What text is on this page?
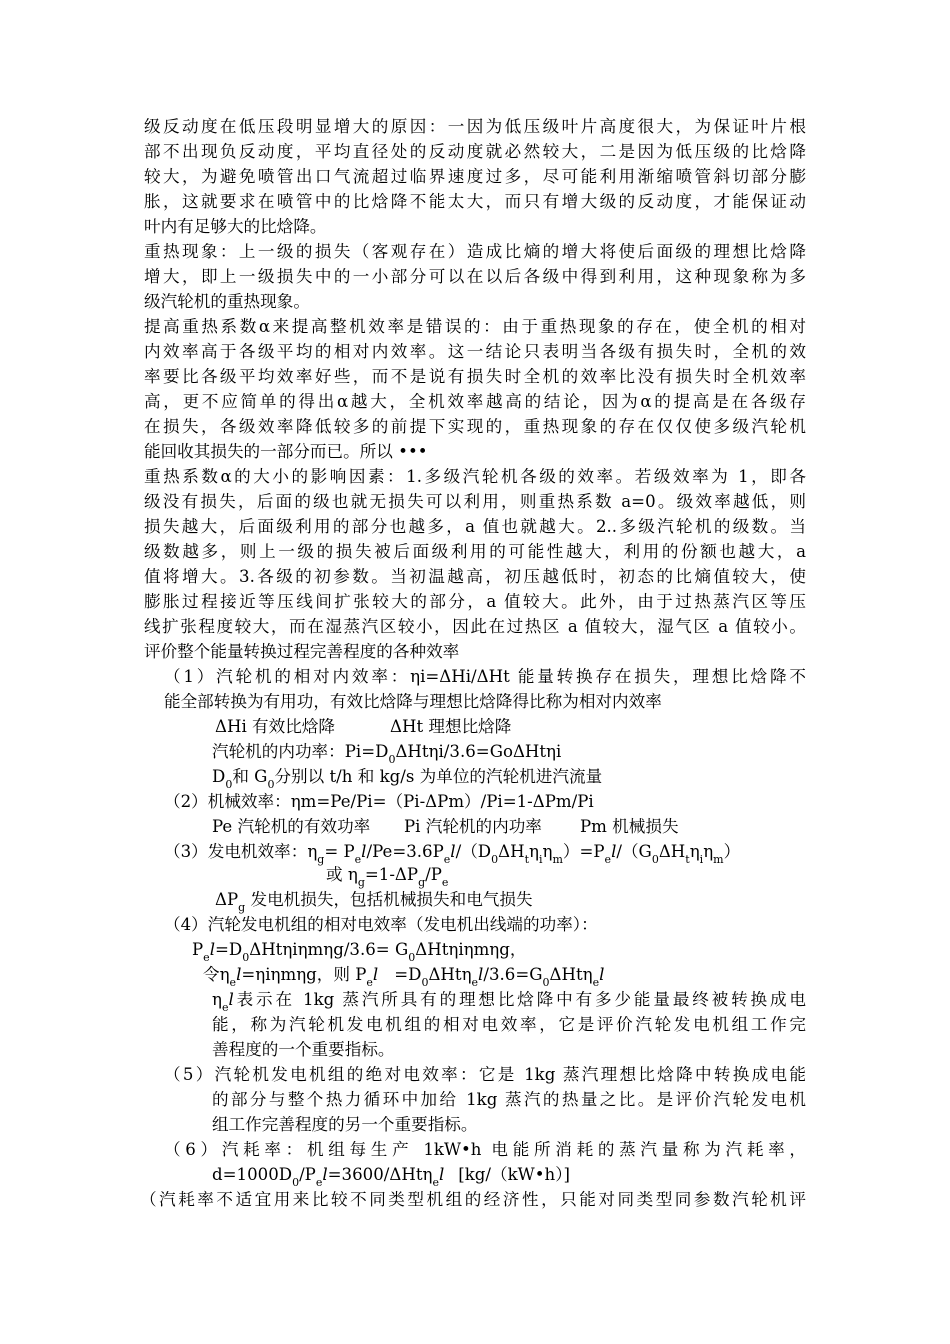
级反动度在低压段明显增大的原因：一因为低压级叶片高度很大，为保证叶片根
部不出现负反动度，平均直径处的反动度就必然较大，二是因为低压级的比焓降
较大，为避免喷管出口气流超过临界速度过多，尽可能利用渐缩喷管斜切部分膨
胀，这就要求在喷管中的比焓降不能太大，而只有增大级的反动度，才能保证动
叶内有足够大的比焓降。
重热现象：上一级的损失（客观存在）造成比熵的增大将使后面级的理想比焓降
增大，即上一级损失中的一小部分可以在以后各级中得到利用，这种现象称为多
级汽轮机的重热现象。
提高重热系数α来提高整机效率是错误的：由于重热现象的存在，使全机的相对
内效率高于各级平均的相对内效率。这一结论只表明当各级有损失时，全机的效
率要比各级平均效率好些，而不是说有损失时全机的效率比没有损失时全机效率
高，更不应简单的得出α越大，全机效率越高的结论，因为α的提高是在各级存
在损失，各级效率降低较多的前提下实现的，重热现象的存在仅仅使多级汽轮机
能回收其损失的一部分而已。所以 •••
重热系数α的大小的影响因素：1.多级汽轮机各级的效率。若级效率为 1，即各
级没有损失，后面的级也就无损失可以利用，则重热系数 a=0。级效率越低，则
损失越大，后面级利用的部分也越多，a 值也就越大。2..多级汽轮机的级数。当
级数越多，则上一级的损失被后面级利用的可能性越大，利用的份额也越大，a
值将增大。3.各级的初参数。当初温越高，初压越低时，初态的比熵值较大，使
膨胀过程接近等压线间扩张较大的部分，a 值较大。此外，由于过热蒸汽区等压
线扩张程度较大，而在湿蒸汽区较小，因此在过热区 a 值较大，湿气区 a 值较小。
评价整个能量转换过程完善程度的各种效率
（1）汽轮机的相对内效率：ηi=ΔHi/ΔHt 能量转换存在损失，理想比焓降不
能全部转换为有用功，有效比焓降与理想比焓降得比称为相对内效率
ΔHi 有效比焓降	ΔHt 理想比焓降
汽轮机的内功率：$Pi=D_0\Delta Ht\eta i/3.6=Go\Delta Ht\eta i$
$D_0$和 $G_0$分别以 t/h 和 kg/s 为单位的汽轮机进汽流量
（2）机械效率：ηm=Pe/Pi=（Pi-ΔPm）/Pi=1-ΔPm/Pi
Pe 汽轮机的有效功率 Pi 汽轮机的内功率 Pm 机械损失
（3）发电机效率：$\eta_g= P_el/Pe=3.6P_el/(D_0\Delta H_t\eta_i\eta_m)=P_el/(G_0\Delta H_t\eta_i\eta_m)$
或 $\eta_g=1-\Delta P_g/P_e$
$\Delta P_g$ 发电机损失，包括机械损失和电气损失
（4）汽轮发电机组的相对电效率（发电机出线端的功率）：
$P_el=D_0\Delta Ht\eta i\eta m\eta g/3.6= G_0\Delta Ht\eta i\eta m\eta g$，
令$\eta_el=\eta i\eta m\eta g$，则 $P_el =D_0\Delta Ht\eta_el/3.6=G_0\Delta Ht\eta_el$
$\eta_el$表示在 1kg 蒸汽所具有的理想比焓降中有多少能量最终被转换成电
能，称为汽轮机发电机组的相对电效率，它是评价汽轮发电机组工作完
善程度的一个重要指标。
（5）汽轮机发电机组的绝对电效率：它是 1kg 蒸汽理想比焓降中转换成电能
的部分与整个热力循环中加给 1kg 蒸汽的热量之比。是评价汽轮发电机
组工作完善程度的另一个重要指标。
（6）汽耗率：机组每生产 1kW•h 电能所消耗的蒸汽量称为汽耗率，
$d=1000D_0/P_el=3600/\Delta Ht\eta_el$ [kg/（kW•h）]
（汽耗率不适宜用来比较不同类型机组的经济性，只能对同类型同参数汽轮机评
